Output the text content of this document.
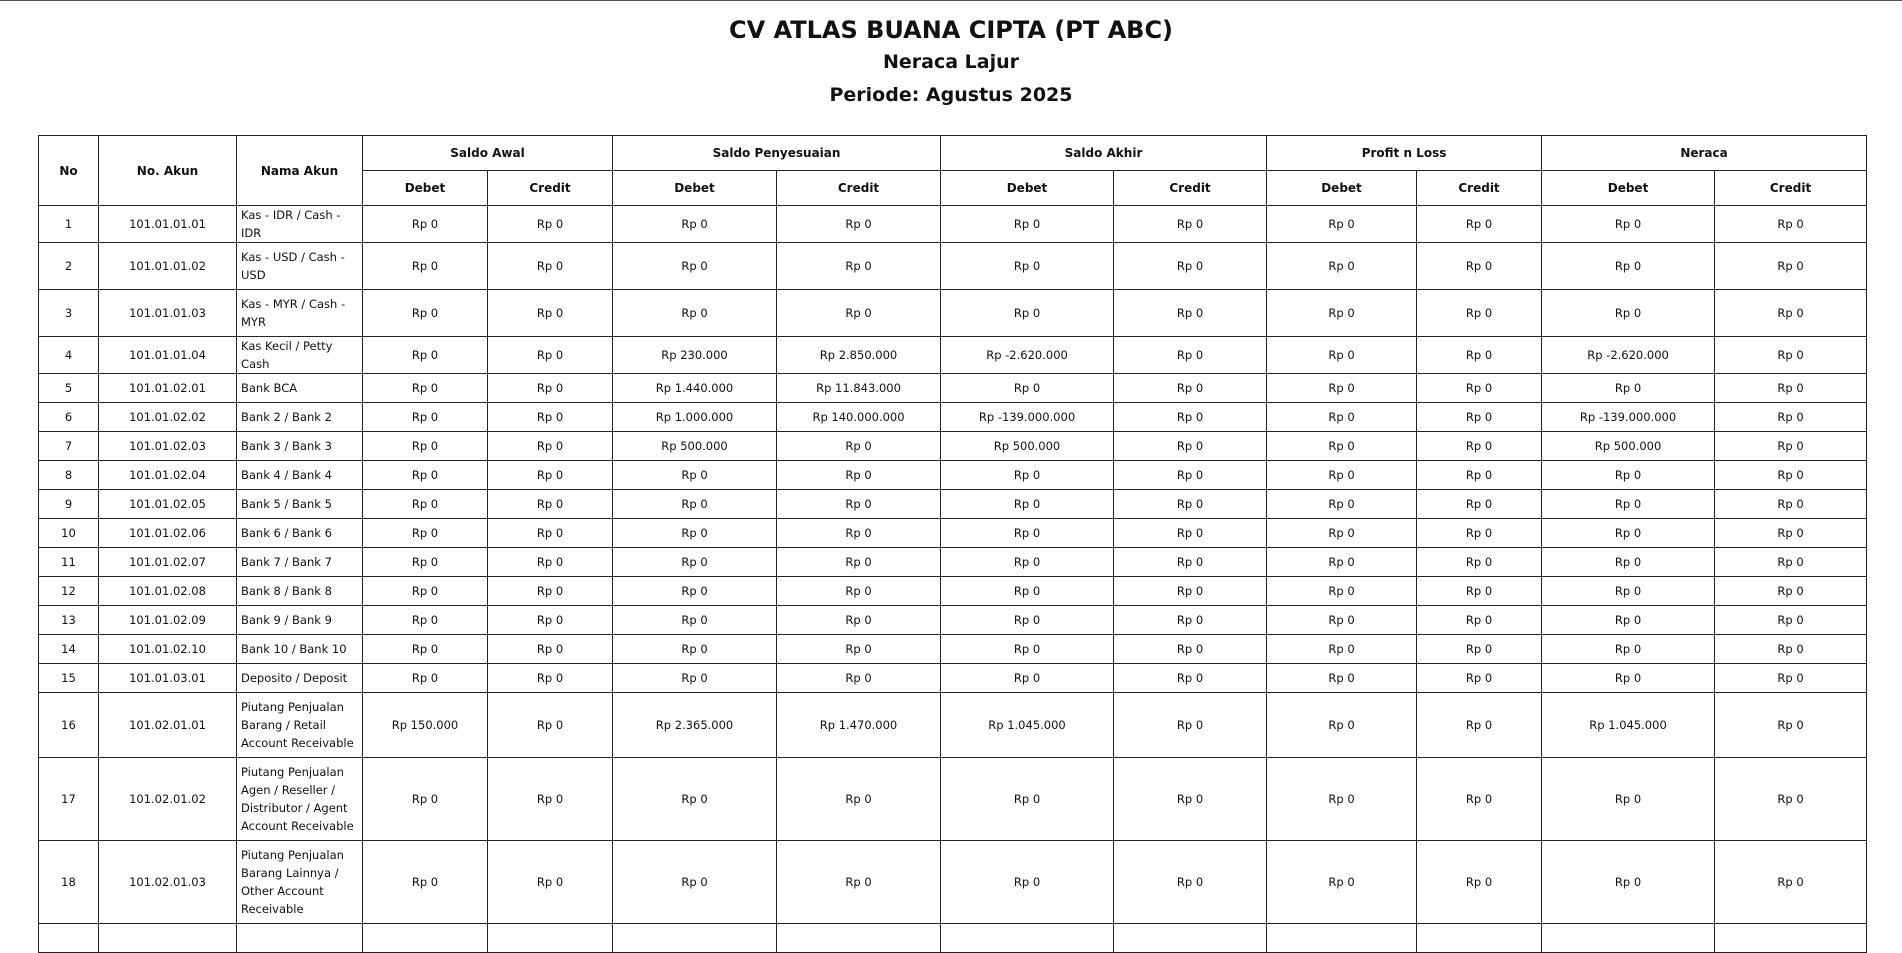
CV ATLAS BUANA CIPTA (PT ABC)
Neraca Lajur
Periode: Agustus 2025
No	No. Akun	Nama Akun	Saldo Awal		Saldo Penyesuaian		Saldo Akhir		Profit n Loss		Neraca	
			Debet	Credit	Debet	Credit	Debet	Credit	Debet	Credit	Debet	Credit
1	101.01.01.01	Kas - IDR / Cash - IDR	Rp 0	Rp 0	Rp 0	Rp 0	Rp 0	Rp 0	Rp 0	Rp 0	Rp 0	Rp 0
2	101.01.01.02	Kas - USD / Cash - USD	Rp 0	Rp 0	Rp 0	Rp 0	Rp 0	Rp 0	Rp 0	Rp 0	Rp 0	Rp 0
3	101.01.01.03	Kas - MYR / Cash - MYR	Rp 0	Rp 0	Rp 0	Rp 0	Rp 0	Rp 0	Rp 0	Rp 0	Rp 0	Rp 0
4	101.01.01.04	Kas Kecil / Petty Cash	Rp 0	Rp 0	Rp 230.000	Rp 2.850.000	Rp -2.620.000	Rp 0	Rp 0	Rp 0	Rp -2.620.000	Rp 0
5	101.01.02.01	Bank BCA	Rp 0	Rp 0	Rp 1.440.000	Rp 11.843.000	Rp 0	Rp 0	Rp 0	Rp 0	Rp 0	Rp 0
6	101.01.02.02	Bank 2 / Bank 2	Rp 0	Rp 0	Rp 1.000.000	Rp 140.000.000	Rp -139.000.000	Rp 0	Rp 0	Rp 0	Rp -139.000.000	Rp 0
7	101.01.02.03	Bank 3 / Bank 3	Rp 0	Rp 0	Rp 500.000	Rp 0	Rp 500.000	Rp 0	Rp 0	Rp 0	Rp 500.000	Rp 0
8	101.01.02.04	Bank 4 / Bank 4	Rp 0	Rp 0	Rp 0	Rp 0	Rp 0	Rp 0	Rp 0	Rp 0	Rp 0	Rp 0
9	101.01.02.05	Bank 5 / Bank 5	Rp 0	Rp 0	Rp 0	Rp 0	Rp 0	Rp 0	Rp 0	Rp 0	Rp 0	Rp 0
10	101.01.02.06	Bank 6 / Bank 6	Rp 0	Rp 0	Rp 0	Rp 0	Rp 0	Rp 0	Rp 0	Rp 0	Rp 0	Rp 0
11	101.01.02.07	Bank 7 / Bank 7	Rp 0	Rp 0	Rp 0	Rp 0	Rp 0	Rp 0	Rp 0	Rp 0	Rp 0	Rp 0
12	101.01.02.08	Bank 8 / Bank 8	Rp 0	Rp 0	Rp 0	Rp 0	Rp 0	Rp 0	Rp 0	Rp 0	Rp 0	Rp 0
13	101.01.02.09	Bank 9 / Bank 9	Rp 0	Rp 0	Rp 0	Rp 0	Rp 0	Rp 0	Rp 0	Rp 0	Rp 0	Rp 0
14	101.01.02.10	Bank 10 / Bank 10	Rp 0	Rp 0	Rp 0	Rp 0	Rp 0	Rp 0	Rp 0	Rp 0	Rp 0	Rp 0
15	101.01.03.01	Deposito / Deposit	Rp 0	Rp 0	Rp 0	Rp 0	Rp 0	Rp 0	Rp 0	Rp 0	Rp 0	Rp 0
16	101.02.01.01	Piutang Penjualan Barang / Retail Account Receivable	Rp 150.000	Rp 0	Rp 2.365.000	Rp 1.470.000	Rp 1.045.000	Rp 0	Rp 0	Rp 0	Rp 1.045.000	Rp 0
17	101.02.01.02	Piutang Penjualan Agen / Reseller / Distributor / Agent Account Receivable	Rp 0	Rp 0	Rp 0	Rp 0	Rp 0	Rp 0	Rp 0	Rp 0	Rp 0	Rp 0
18	101.02.01.03	Piutang Penjualan Barang Lainnya / Other Account Receivable	Rp 0	Rp 0	Rp 0	Rp 0	Rp 0	Rp 0	Rp 0	Rp 0	Rp 0	Rp 0
